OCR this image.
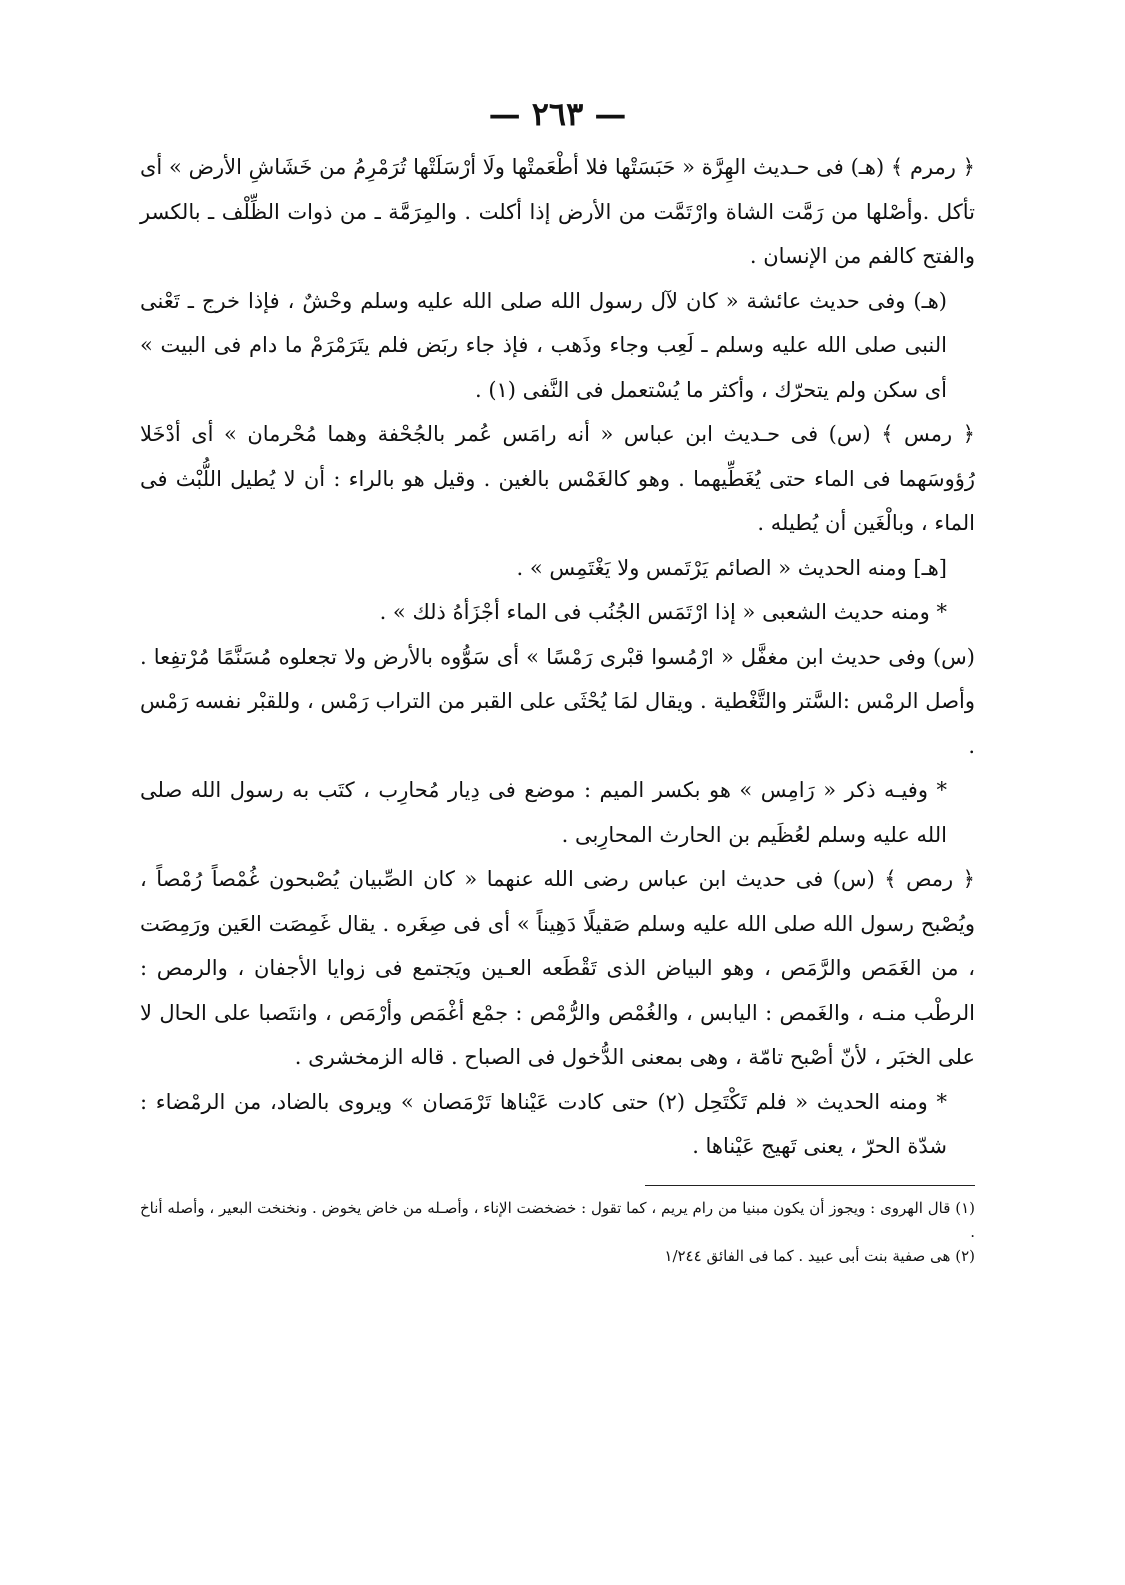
— ٢٦٣ —

﴿ رمرم ﴾ (هـ) فى حـديث الهِرَّة « حَبَسَتْها فلا أطْعَمتْها ولَا أرْسَلَتْها تُرَمْرِمُ من خَشَاشِ الأرض » أى تأكل .وأصْلها من رَمَّت الشاة وارْتَمَّت من الأرض إذا أكلت . والمِرَمَّة ـ من ذوات الظِّلْف ـ بالكسر والفتح كالفم من الإنسان .

(هـ) وفى حديث عائشة « كان لآل رسول الله صلى الله عليه وسلم وحْشٌ ، فإذا خرج ـ تَعْنى النبى صلى الله عليه وسلم ـ لَعِب وجاء وذَهب ، فإذ جاء ربَض فلم يتَرَمْرَمْ ما دام فى البيت » أى سكن ولم يتحرّك ، وأكثر ما يُسْتعمل فى النَّفى (١) .

﴿ رمس ﴾ (س) فى حـديث ابن عباس « أنه رامَس عُمر بالجُحْفة وهما مُحْرمان » أى أدْخَلا رُؤوسَهما فى الماء حتى يُغَطِّيهما . وهو كالغَمْس بالغين . وقيل هو بالراء : أن لا يُطيل اللُّبْث فى الماء ، وبالْغَين أن يُطيله .

[هـ] ومنه الحديث « الصائم يَرْتَمس ولا يَغْتَمِس » .

* ومنه حديث الشعبى « إذا ارْتَمَس الجُنُب فى الماء أجْزَأهُ ذلك » .

(س) وفى حديث ابن مغفَّل « ارْمُسوا قبْرى رَمْسًا » أى سَوُّوه بالأرض ولا تجعلوه مُسَنَّمًا مُرْتفِعا . وأصل الرمْس :السَّتر والتَّغْطية . ويقال لمَا يُحْثَى على القبر من التراب رَمْس ، وللقبْر نفسه رَمْس .

* وفيـه ذكر « رَامِس » هو بكسر الميم : موضع فى دِيار مُحارِب ، كتَب به رسول الله صلى الله عليه وسلم لعُظَيم بن الحارث المحارِبى .

﴿ رمص ﴾ (س) فى حديث ابن عباس رضى الله عنهما « كان الصِّبيان يُصْبحون غُمْصاً رُمْصاً ، ويُصْبح رسول الله صلى الله عليه وسلم صَقيلًا دَهِيناً » أى فى صِغَره . يقال غَمِصَت العَين ورَمِصَت ، من الغَمَص والرَّمَص ، وهو البياض الذى تَقْطَعه العـين ويَجتمع فى زوايا الأجفان ، والرمص : الرطْب منـه ، والغَمص : اليابس ، والغُمْص والرُّمْص : جمْع أغْمَص وأرْمَص ، وانتَصبا على الحال لا على الخبَر ، لأنّ أصْبح تامّة ، وهى بمعنى الدُّخول فى الصباح . قاله الزمخشرى .

* ومنه الحديث « فلم تَكْتَحِل (٢) حتى كادت عَيْناها تَرْمَصان » ويروى بالضاد، من الرمْضاء : شدّة الحرّ ، يعنى تَهيج عَيْناها .

(١) قال الهروى : ويجوز أن يكون مبنيا من رام يريم ، كما تقول : خضخضت الإناء ، وأصـله من خاض يخوض . ونخنخت البعير ، وأصله أناخ .

(٢) هى صفية بنت أبى عبيد . كما فى الفائق ١/٢٤٤
